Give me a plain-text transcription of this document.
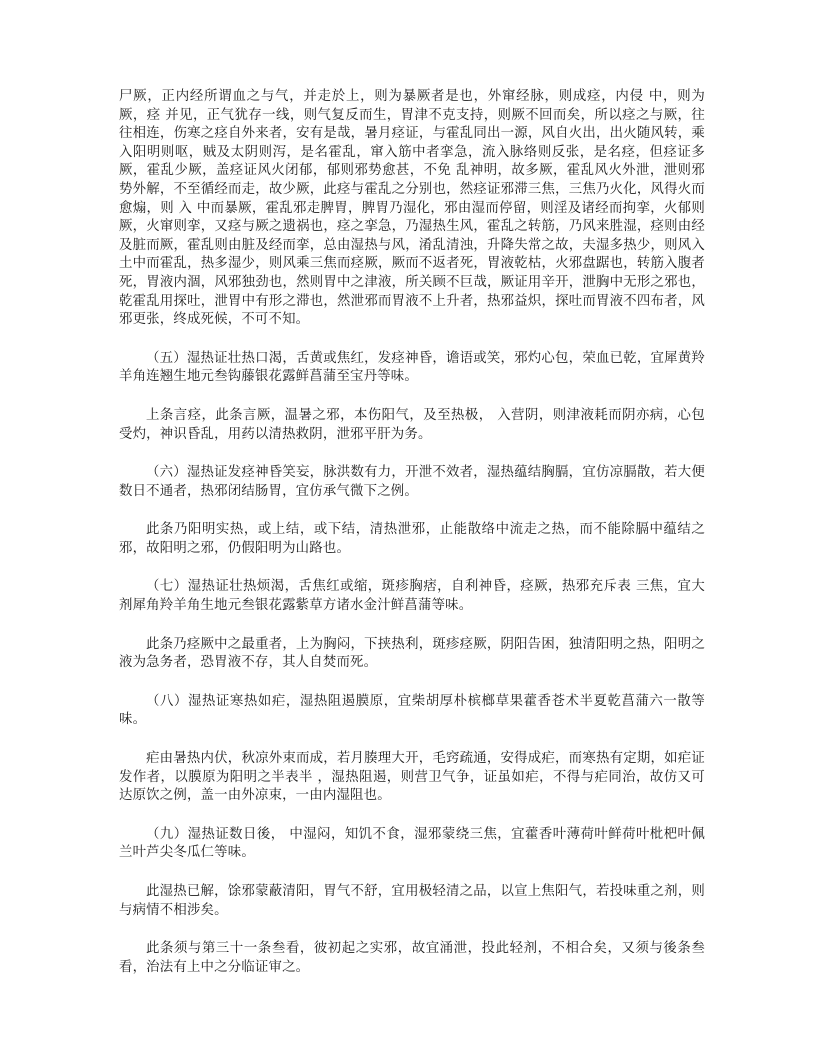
尸厥，正内经所谓血之与气，并走於上，则为暴厥者是也，外窜经脉，则成痉，内侵 中，则为厥，痉 并见，正气犹存一线，则气复反而生，胃津不克支持，则厥不回而矣，所以痉之与厥，往往相连，伤寒之痉自外来者，安有是哉，暑月痉证，与霍乱同出一源，风自火出，出火随风转，乘入阳明则呕，贼及太阴则泻，是名霍乱，窜入筋中者挛急，流入脉络则反张，是名痉，但痉证多厥，霍乱少厥，盖痉证风火闭郁，郁则邪势愈甚，不免 乱神明，故多厥，霍乱风火外泄，泄则邪势外解，不至循经而走，故少厥，此痉与霍乱之分别也，然痉证邪滞三焦，三焦乃火化，风得火而愈煽，则 入 中而暴厥，霍乱邪走脾胃，脾胃乃湿化，邪由湿而停留，则淫及诸经而拘挛，火郁则厥，火窜则挛，又痉与厥之遗祸也，痉之挛急，乃湿热生风，霍乱之转筋，乃风来胜湿，痉则由经及脏而厥，霍乱则由脏及经而挛，总由湿热与风，淆乱清浊，升降失常之故，夫湿多热少，则风入土中而霍乱，热多湿少，则风乘三焦而痉厥，厥而不返者死，胃液乾枯，火邪盘踞也，转筋入腹者死，胃液内涸，风邪独劲也，然则胃中之津液，所关顾不巨哉，厥证用辛开，泄胸中无形之邪也，乾霍乱用探吐，泄胃中有形之滞也，然泄邪而胃液不上升者，热邪益炽，探吐而胃液不四布者，风邪更张，终成死候，不可不知。

（五）湿热证壮热口渴，舌黄或焦红，发痉神昏，谵语或笑，邪灼心包，荣血已乾，宜犀黄羚羊角连翘生地元叁钩藤银花露鲜菖蒲至宝丹等味。

上条言痉，此条言厥，温暑之邪，本伤阳气，及至热极， 入营阴，则津液耗而阴亦病，心包受灼，神识昏乱，用药以清热救阴，泄邪平肝为务。

（六）湿热证发痉神昏笑妄，脉洪数有力，开泄不效者，湿热蕴结胸膈，宜仿凉膈散，若大便数日不通者，热邪闭结肠胃，宜仿承气微下之例。

此条乃阳明实热，或上结，或下结，清热泄邪，止能散络中流走之热，而不能除膈中蕴结之邪，故阳明之邪，仍假阳明为山路也。

（七）湿热证壮热烦渴，舌焦红或缩，斑疹胸痞，自利神昏，痉厥，热邪充斥表 三焦，宜大剂犀角羚羊角生地元叁银花露紫草方诸水金汁鲜菖蒲等味。

此条乃痉厥中之最重者，上为胸闷，下挟热利，斑疹痉厥，阴阳告困，独清阳明之热，阳明之液为急务者，恐胃液不存，其人自焚而死。

（八）湿热证寒热如疟，湿热阻遏膜原，宜柴胡厚朴槟榔草果藿香苍术半夏乾菖蒲六一散等味。

疟由暑热内伏，秋凉外束而成，若月腠理大开，毛窍疏通，安得成疟，而寒热有定期，如疟证发作者，以膜原为阳明之半表半 ，湿热阻遏，则营卫气争，证虽如疟，不得与疟同治，故仿又可达原饮之例，盖一由外凉束，一由内湿阻也。

（九）湿热证数日後， 中湿闷，知饥不食，湿邪蒙绕三焦，宜藿香叶薄荷叶鲜荷叶枇杷叶佩兰叶芦尖冬瓜仁等味。

此湿热已解，馀邪蒙蔽清阳，胃气不舒，宜用极轻清之品，以宣上焦阳气，若投味重之剂，则与病情不相涉矣。

此条须与第三十一条叁看，彼初起之实邪，故宜涌泄，投此轻剂，不相合矣，又须与後条叁看，治法有上中之分临证审之。
